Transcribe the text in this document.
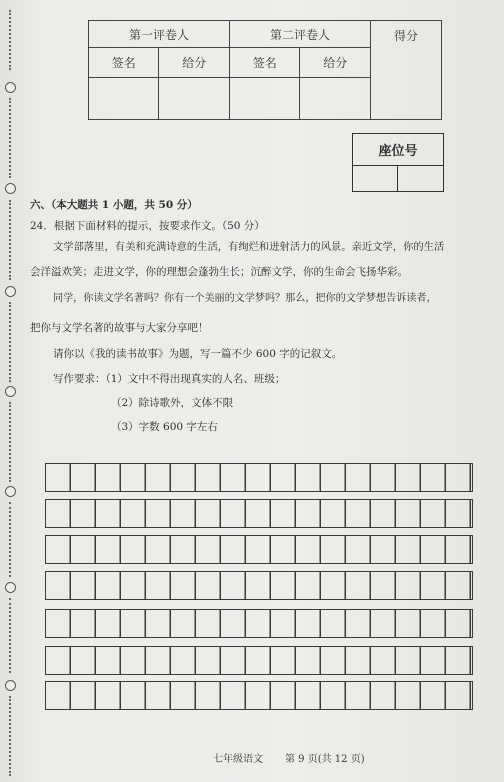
第一评卷人		第二评卷人		得分
签名	给分	签名	给分	

座位号

六、（本大题共 1 小题，共 50 分）
24．根据下面材料的提示，按要求作文。（50 分）
文学部落里，有美和充满诗意的生活，有绚烂和迸射活力的风景。亲近文学，你的生活
会洋溢欢笑；走进文学，你的理想会蓬勃生长；沉醉文学，你的生命会飞扬华彩。
同学，你读文学名著吗？你有一个美丽的文学梦吗？那么，把你的文学梦想告诉读者，
把你与文学名著的故事与大家分享吧！
请你以《我的读书故事》为题，写一篇不少 600 字的记叙文。
写作要求：（1）文中不得出现真实的人名、班级；
（2）除诗歌外，文体不限
（3）字数 600 字左右
七年级语文 第 9 页(共 12 页)
